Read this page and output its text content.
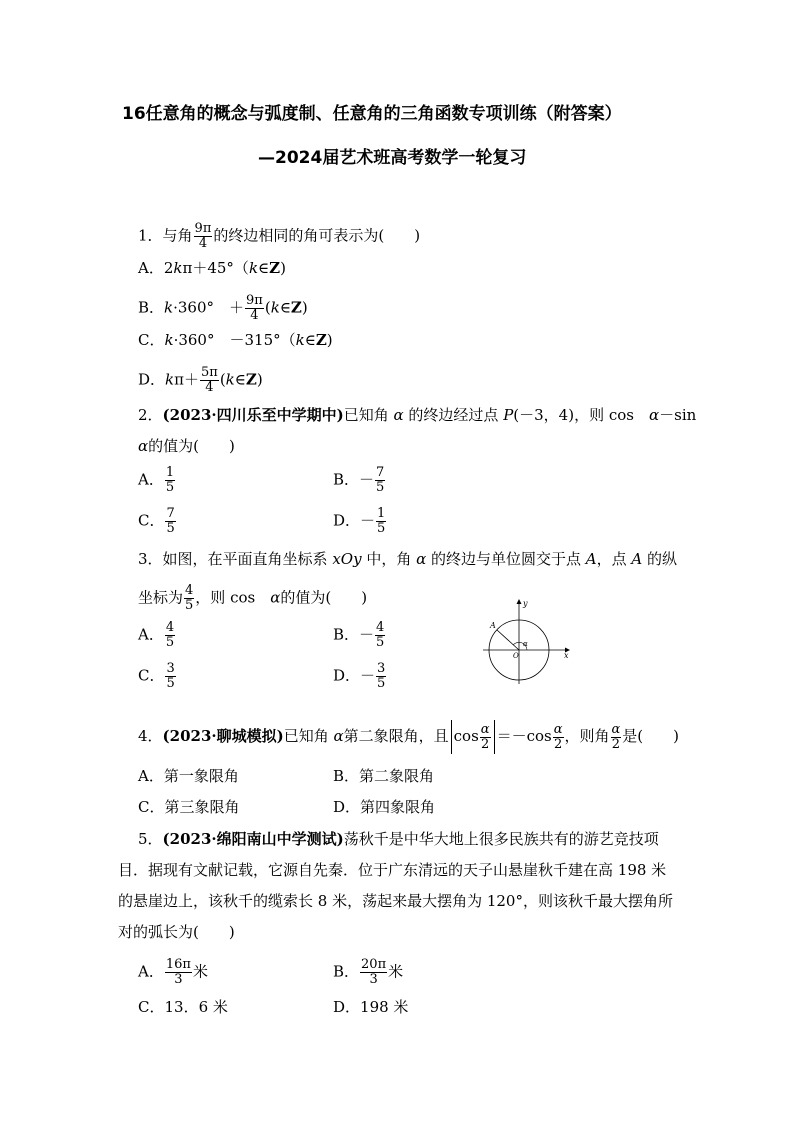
16任意角的概念与弧度制、任意角的三角函数专项训练（附答案）
—2024届艺术班高考数学一轮复习
1．与角 $\frac{9\pi}{4}$ 的终边相同的角可表示为(　　)
A．2kπ＋45°（k∈Z)
B．k·360°　＋ $\frac{9\pi}{4}$ (k∈Z)
C．k·360°　－315°（k∈Z)
D．$k\pi+ \frac{5\pi}{4}$ (k∈Z)
2．(2023·四川乐至中学期中)已知角 α 的终边经过点 P(－3，4)，则 cos　α－sin
α的值为(　　)
A． $\frac{1}{5}$	B．－ $\frac{7}{5}$
C． $\frac{7}{5}$	D．－ $\frac{1}{5}$
3．如图，在平面直角坐标系 xOy 中，角 α 的终边与单位圆交于点 A，点 A 的纵
坐标为 $\frac{4}{5}$ ，则 cos　α的值为(　　)
A． $\frac{4}{5}$	B．－ $\frac{4}{5}$
C． $\frac{3}{5}$	D．－ $\frac{3}{5}$
y
x
A
α
O
4．(2023·聊城模拟)已知角 α第二象限角，且 $\cos \frac{\alpha}{2} =-\cos \frac{\alpha}{2}$ ，则角 $\frac{\alpha}{2}$ 是(　　)
A．第一象限角	B．第二象限角
C．第三象限角	D．第四象限角
5．(2023·绵阳南山中学测试)荡秋千是中华大地上很多民族共有的游艺竞技项
目．据现有文献记载，它源自先秦．位于广东清远的天子山悬崖秋千建在高 198 米
的悬崖边上，该秋千的缆索长 8 米，荡起来最大摆角为 120°，则该秋千最大摆角所
对的弧长为(　　)
A． $\frac{16\pi}{3}$ 米	B． $\frac{20\pi}{3}$ 米
C．13．6 米	D．198 米
